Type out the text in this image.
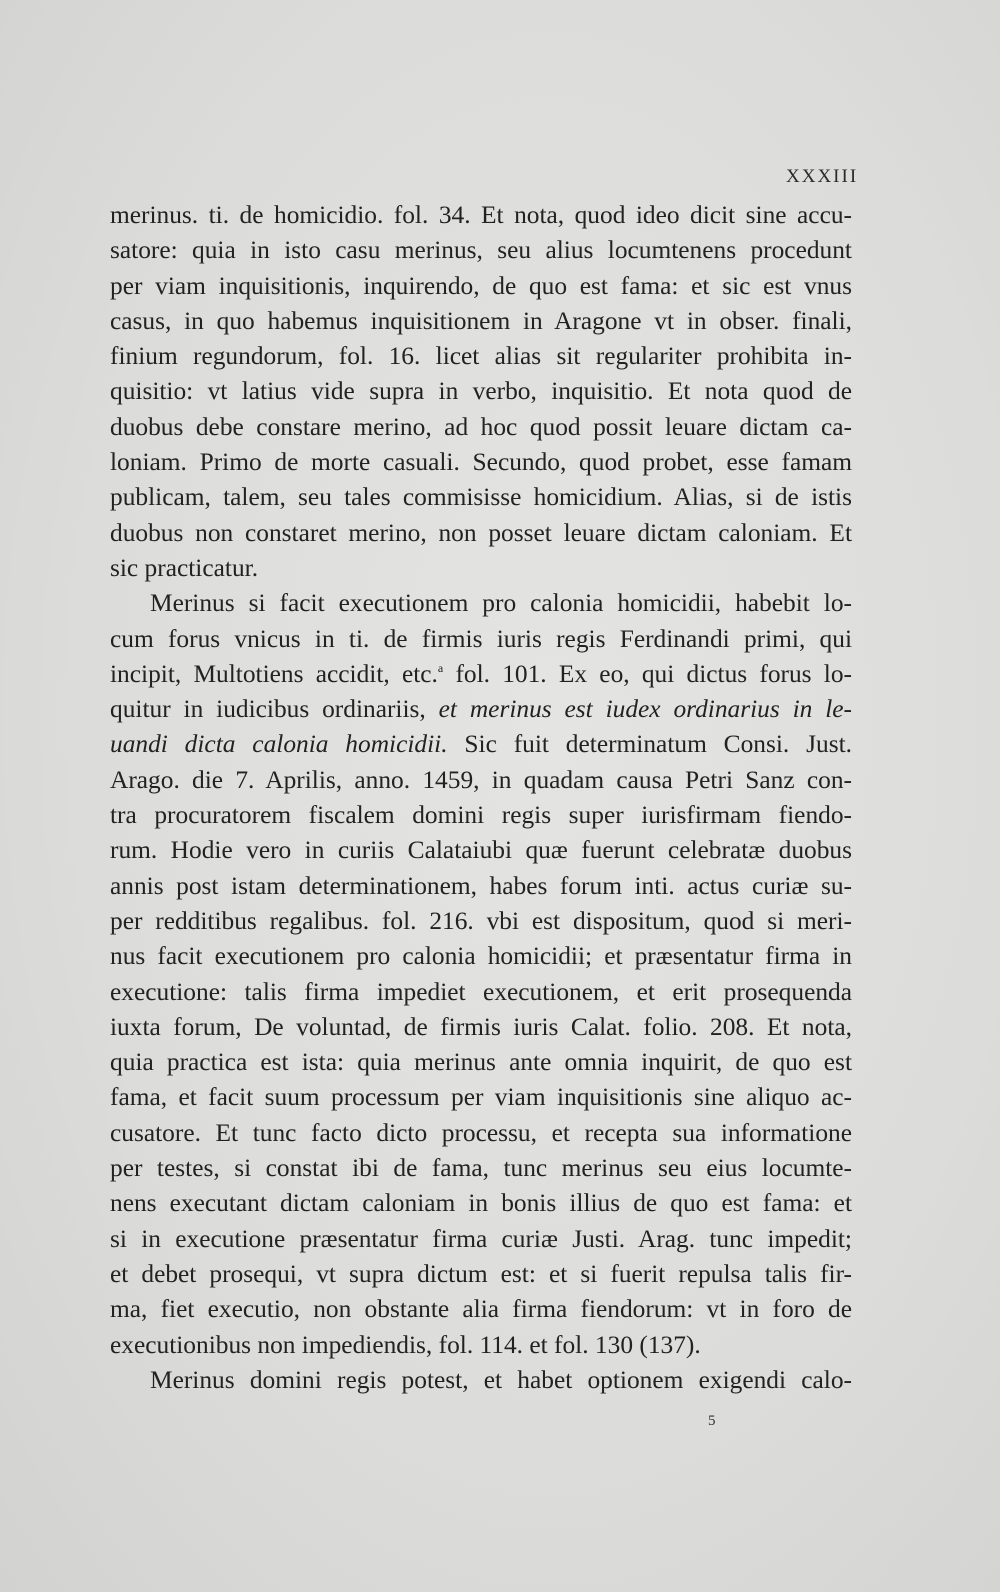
XXXIII
merinus. ti. de homicidio. fol. 34. Et nota, quod ideo dicit sine accu-
satore: quia in isto casu merinus, seu alius locumtenens procedunt
per viam inquisitionis, inquirendo, de quo est fama: et sic est vnus
casus, in quo habemus inquisitionem in Aragone vt in obser. finali,
finium regundorum, fol. 16. licet alias sit regulariter prohibita in-
quisitio: vt latius vide supra in verbo, inquisitio. Et nota quod de
duobus debe constare merino, ad hoc quod possit leuare dictam ca-
loniam. Primo de morte casuali. Secundo, quod probet, esse famam
publicam, talem, seu tales commisisse homicidium. Alias, si de istis
duobus non constaret merino, non posset leuare dictam caloniam. Et
sic practicatur.
Merinus si facit executionem pro calonia homicidii, habebit lo-
cum forus vnicus in ti. de firmis iuris regis Ferdinandi primi, qui
incipit, Multotiens accidit, etc.$^a$ fol. 101. Ex eo, qui dictus forus lo-
quitur in iudicibus ordinariis, et merinus est iudex ordinarius in le-
uandi dicta calonia homicidii. Sic fuit determinatum Consi. Just.
Arago. die 7. Aprilis, anno. 1459, in quadam causa Petri Sanz con-
tra procuratorem fiscalem domini regis super iurisfirmam fiendo-
rum. Hodie vero in curiis Calataiubi quæ fuerunt celebratæ duobus
annis post istam determinationem, habes forum inti. actus curiæ su-
per redditibus regalibus. fol. 216. vbi est dispositum, quod si meri-
nus facit executionem pro calonia homicidii; et præsentatur firma in
executione: talis firma impediet executionem, et erit prosequenda
iuxta forum, De voluntad, de firmis iuris Calat. folio. 208. Et nota,
quia practica est ista: quia merinus ante omnia inquirit, de quo est
fama, et facit suum processum per viam inquisitionis sine aliquo ac-
cusatore. Et tunc facto dicto processu, et recepta sua informatione
per testes, si constat ibi de fama, tunc merinus seu eius locumte-
nens executant dictam caloniam in bonis illius de quo est fama: et
si in executione præsentatur firma curiæ Justi. Arag. tunc impedit;
et debet prosequi, vt supra dictum est: et si fuerit repulsa talis fir-
ma, fiet executio, non obstante alia firma fiendorum: vt in foro de
executionibus non impediendis, fol. 114. et fol. 130 (137).
Merinus domini regis potest, et habet optionem exigendi calo-
5
